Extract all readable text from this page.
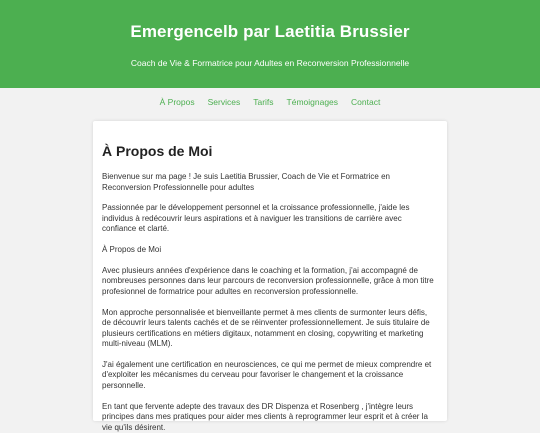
Emergencelb par Laetitia Brussier

Coach de Vie & Formatrice pour Adultes en Reconversion Professionnelle

À Propos Services Tarifs Témoignages Contact
À Propos de Moi

Bienvenue sur ma page ! Je suis Laetitia Brussier, Coach de Vie et Formatrice en Reconversion Professionnelle pour adultes

Passionnée par le développement personnel et la croissance professionnelle, j'aide les individus à redécouvrir leurs aspirations et à naviguer les transitions de carrière avec confiance et clarté.

À Propos de Moi

Avec plusieurs années d'expérience dans le coaching et la formation, j'ai accompagné de nombreuses personnes dans leur parcours de reconversion professionnelle, grâce à mon titre profesionnel de formatrice pour adultes en reconversion professionnelle.

Mon approche personnalisée et bienveillante permet à mes clients de surmonter leurs défis, de découvrir leurs talents cachés et de se réinventer professionnellement. Je suis titulaire de plusieurs certifications en métiers digitaux, notamment en closing, copywriting et marketing multi-niveau (MLM).

J'ai également une certification en neurosciences, ce qui me permet de mieux comprendre et d'exploiter les mécanismes du cerveau pour favoriser le changement et la croissance personnelle.

En tant que fervente adepte des travaux des DR Dispenza et Rosenberg , j'intègre leurs principes dans mes pratiques pour aider mes clients à reprogrammer leur esprit et à créer la vie qu'ils désirent.
